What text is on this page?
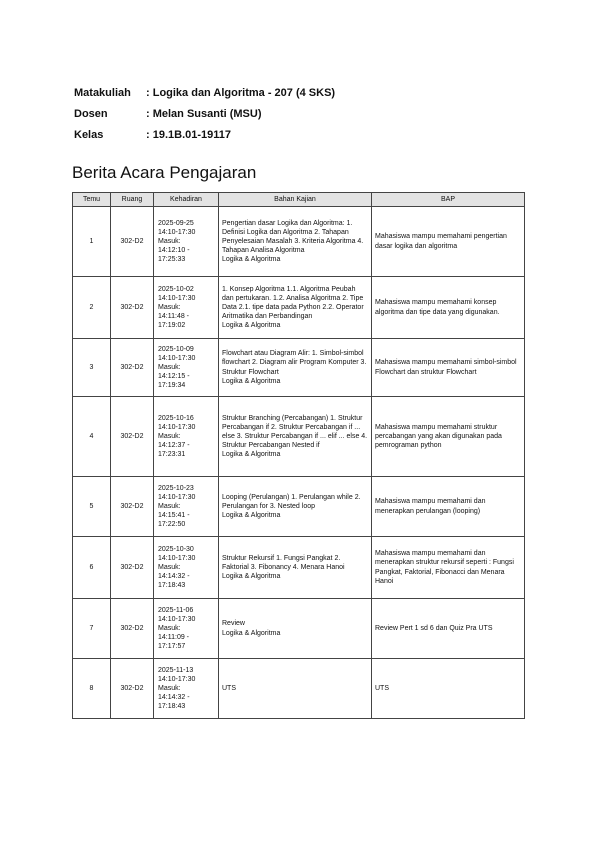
Matakuliah	: Logika dan Algoritma - 207 (4 SKS)
Dosen	: Melan Susanti (MSU)
Kelas	: 19.1B.01-19117
Berita Acara Pengajaran
Temu	Ruang	Kehadiran	Bahan Kajian	BAP
1	302-D2	2025-09-25
14:10-17:30
Masuk:
14:12:10 - 17:25:33	Pengertian dasar Logika dan Algoritma: 1. Definisi Logika dan Algoritma 2. Tahapan Penyelesaian Masalah 3. Kriteria Algoritma 4. Tahapan Analisa Algoritma
Logika & Algoritma	Mahasiswa mampu memahami pengertian dasar logika dan algoritma
2	302-D2	2025-10-02
14:10-17:30
Masuk:
14:11:48 - 17:19:02	1. Konsep Algoritma 1.1. Algoritma Peubah dan pertukaran. 1.2. Analisa Algoritma 2. Tipe Data 2.1. tipe data pada Python 2.2. Operator Aritmatika dan Perbandingan
Logika & Algoritma	Mahasiswa mampu memahami konsep algoritma dan tipe data yang digunakan.
3	302-D2	2025-10-09
14:10-17:30
Masuk:
14:12:15 - 17:19:34	Flowchart atau Diagram Alir: 1. Simbol-simbol flowchart 2. Diagram alir Program Komputer 3. Struktur Flowchart
Logika & Algoritma	Mahasiswa mampu memahami simbol-simbol Flowchart dan struktur Flowchart
4	302-D2	2025-10-16
14:10-17:30
Masuk:
14:12:37 - 17:23:31	Struktur Branching (Percabangan) 1. Struktur Percabangan if 2. Struktur Percabangan if ... else 3. Struktur Percabangan if ... elif ... else 4. Struktur Percabangan Nested if
Logika & Algoritma	Mahasiswa mampu memahami struktur percabangan yang akan digunakan pada pemrograman python
5	302-D2	2025-10-23
14:10-17:30
Masuk:
14:15:41 - 17:22:50	Looping (Perulangan) 1. Perulangan while 2. Perulangan for 3. Nested loop
Logika & Algoritma	Mahasiswa mampu memahami dan menerapkan perulangan (looping)
6	302-D2	2025-10-30
14:10-17:30
Masuk:
14:14:32 - 17:18:43	Struktur Rekursif 1. Fungsi Pangkat 2. Faktorial 3. Fibonancy 4. Menara Hanoi
Logika & Algoritma	Mahasiswa mampu memahami dan menerapkan struktur rekursif seperti : Fungsi Pangkat, Faktorial, Fibonacci dan Menara Hanoi
7	302-D2	2025-11-06
14:10-17:30
Masuk:
14:11:09 - 17:17:57	Review
Logika & Algoritma	Review Pert 1 sd 6 dan Quiz Pra UTS
8	302-D2	2025-11-13
14:10-17:30
Masuk:
14:14:32 - 17:18:43	UTS	UTS
